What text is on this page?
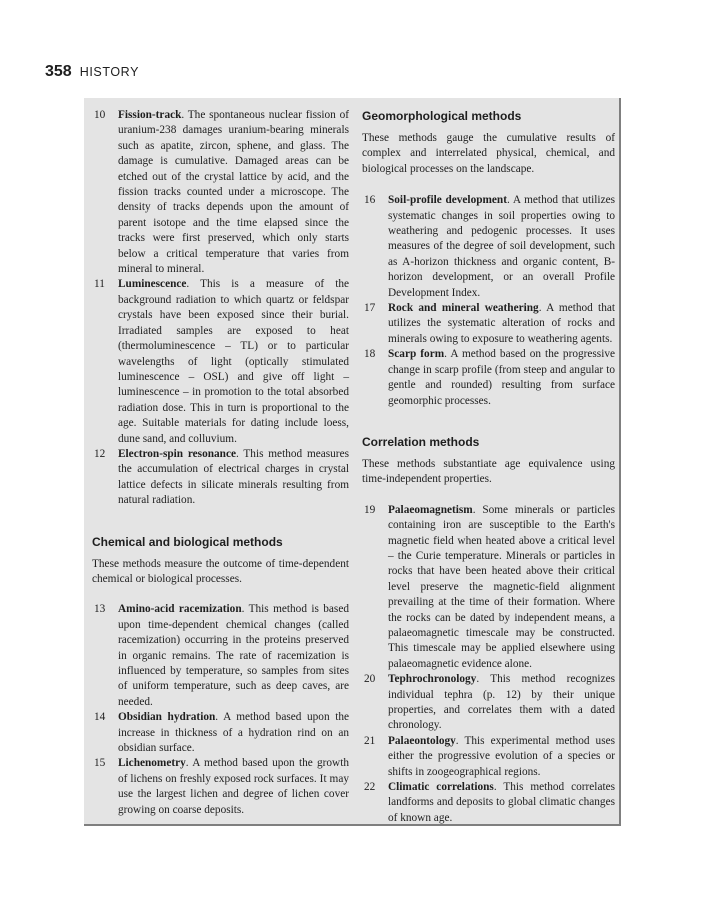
358 HISTORY
10 Fission-track. The spontaneous nuclear fission of uranium-238 damages uranium-bearing minerals such as apatite, zircon, sphene, and glass. The damage is cumulative. Damaged areas can be etched out of the crystal lattice by acid, and the fission tracks counted under a microscope. The density of tracks depends upon the amount of parent isotope and the time elapsed since the tracks were first preserved, which only starts below a critical temperature that varies from mineral to mineral.
11 Luminescence. This is a measure of the background radiation to which quartz or feldspar crystals have been exposed since their burial. Irradiated samples are exposed to heat (thermoluminescence – TL) or to particular wavelengths of light (optically stimulated luminescence – OSL) and give off light – luminescence – in promotion to the total absorbed radiation dose. This in turn is proportional to the age. Suitable materials for dating include loess, dune sand, and colluvium.
12 Electron-spin resonance. This method measures the accumulation of electrical charges in crystal lattice defects in silicate minerals resulting from natural radiation.
Chemical and biological methods

These methods measure the outcome of time-dependent chemical or biological processes.

13 Amino-acid racemization. This method is based upon time-dependent chemical changes (called racemization) occurring in the proteins preserved in organic remains. The rate of racemization is influenced by temperature, so samples from sites of uniform temperature, such as deep caves, are needed.
14 Obsidian hydration. A method based upon the increase in thickness of a hydration rind on an obsidian surface.
15 Lichenometry. A method based upon the growth of lichens on freshly exposed rock surfaces. It may use the largest lichen and degree of lichen cover growing on coarse deposits.
Geomorphological methods

These methods gauge the cumulative results of complex and interrelated physical, chemical, and biological processes on the landscape.

16 Soil-profile development. A method that utilizes systematic changes in soil properties owing to weathering and pedogenic processes. It uses measures of the degree of soil development, such as A-horizon thickness and organic content, B-horizon development, or an overall Profile Development Index.
17 Rock and mineral weathering. A method that utilizes the systematic alteration of rocks and minerals owing to exposure to weathering agents.
18 Scarp form. A method based on the progressive change in scarp profile (from steep and angular to gentle and rounded) resulting from surface geomorphic processes.
Correlation methods

These methods substantiate age equivalence using time-independent properties.

19 Palaeomagnetism. Some minerals or particles containing iron are susceptible to the Earth's magnetic field when heated above a critical level – the Curie temperature. Minerals or particles in rocks that have been heated above their critical level preserve the magnetic-field alignment prevailing at the time of their formation. Where the rocks can be dated by independent means, a palaeomagnetic timescale may be constructed. This timescale may be applied elsewhere using palaeomagnetic evidence alone.
20 Tephrochronology. This method recognizes individual tephra (p. 12) by their unique properties, and correlates them with a dated chronology.
21 Palaeontology. This experimental method uses either the progressive evolution of a species or shifts in zoogeographical regions.
22 Climatic correlations. This method correlates landforms and deposits to global climatic changes of known age.
